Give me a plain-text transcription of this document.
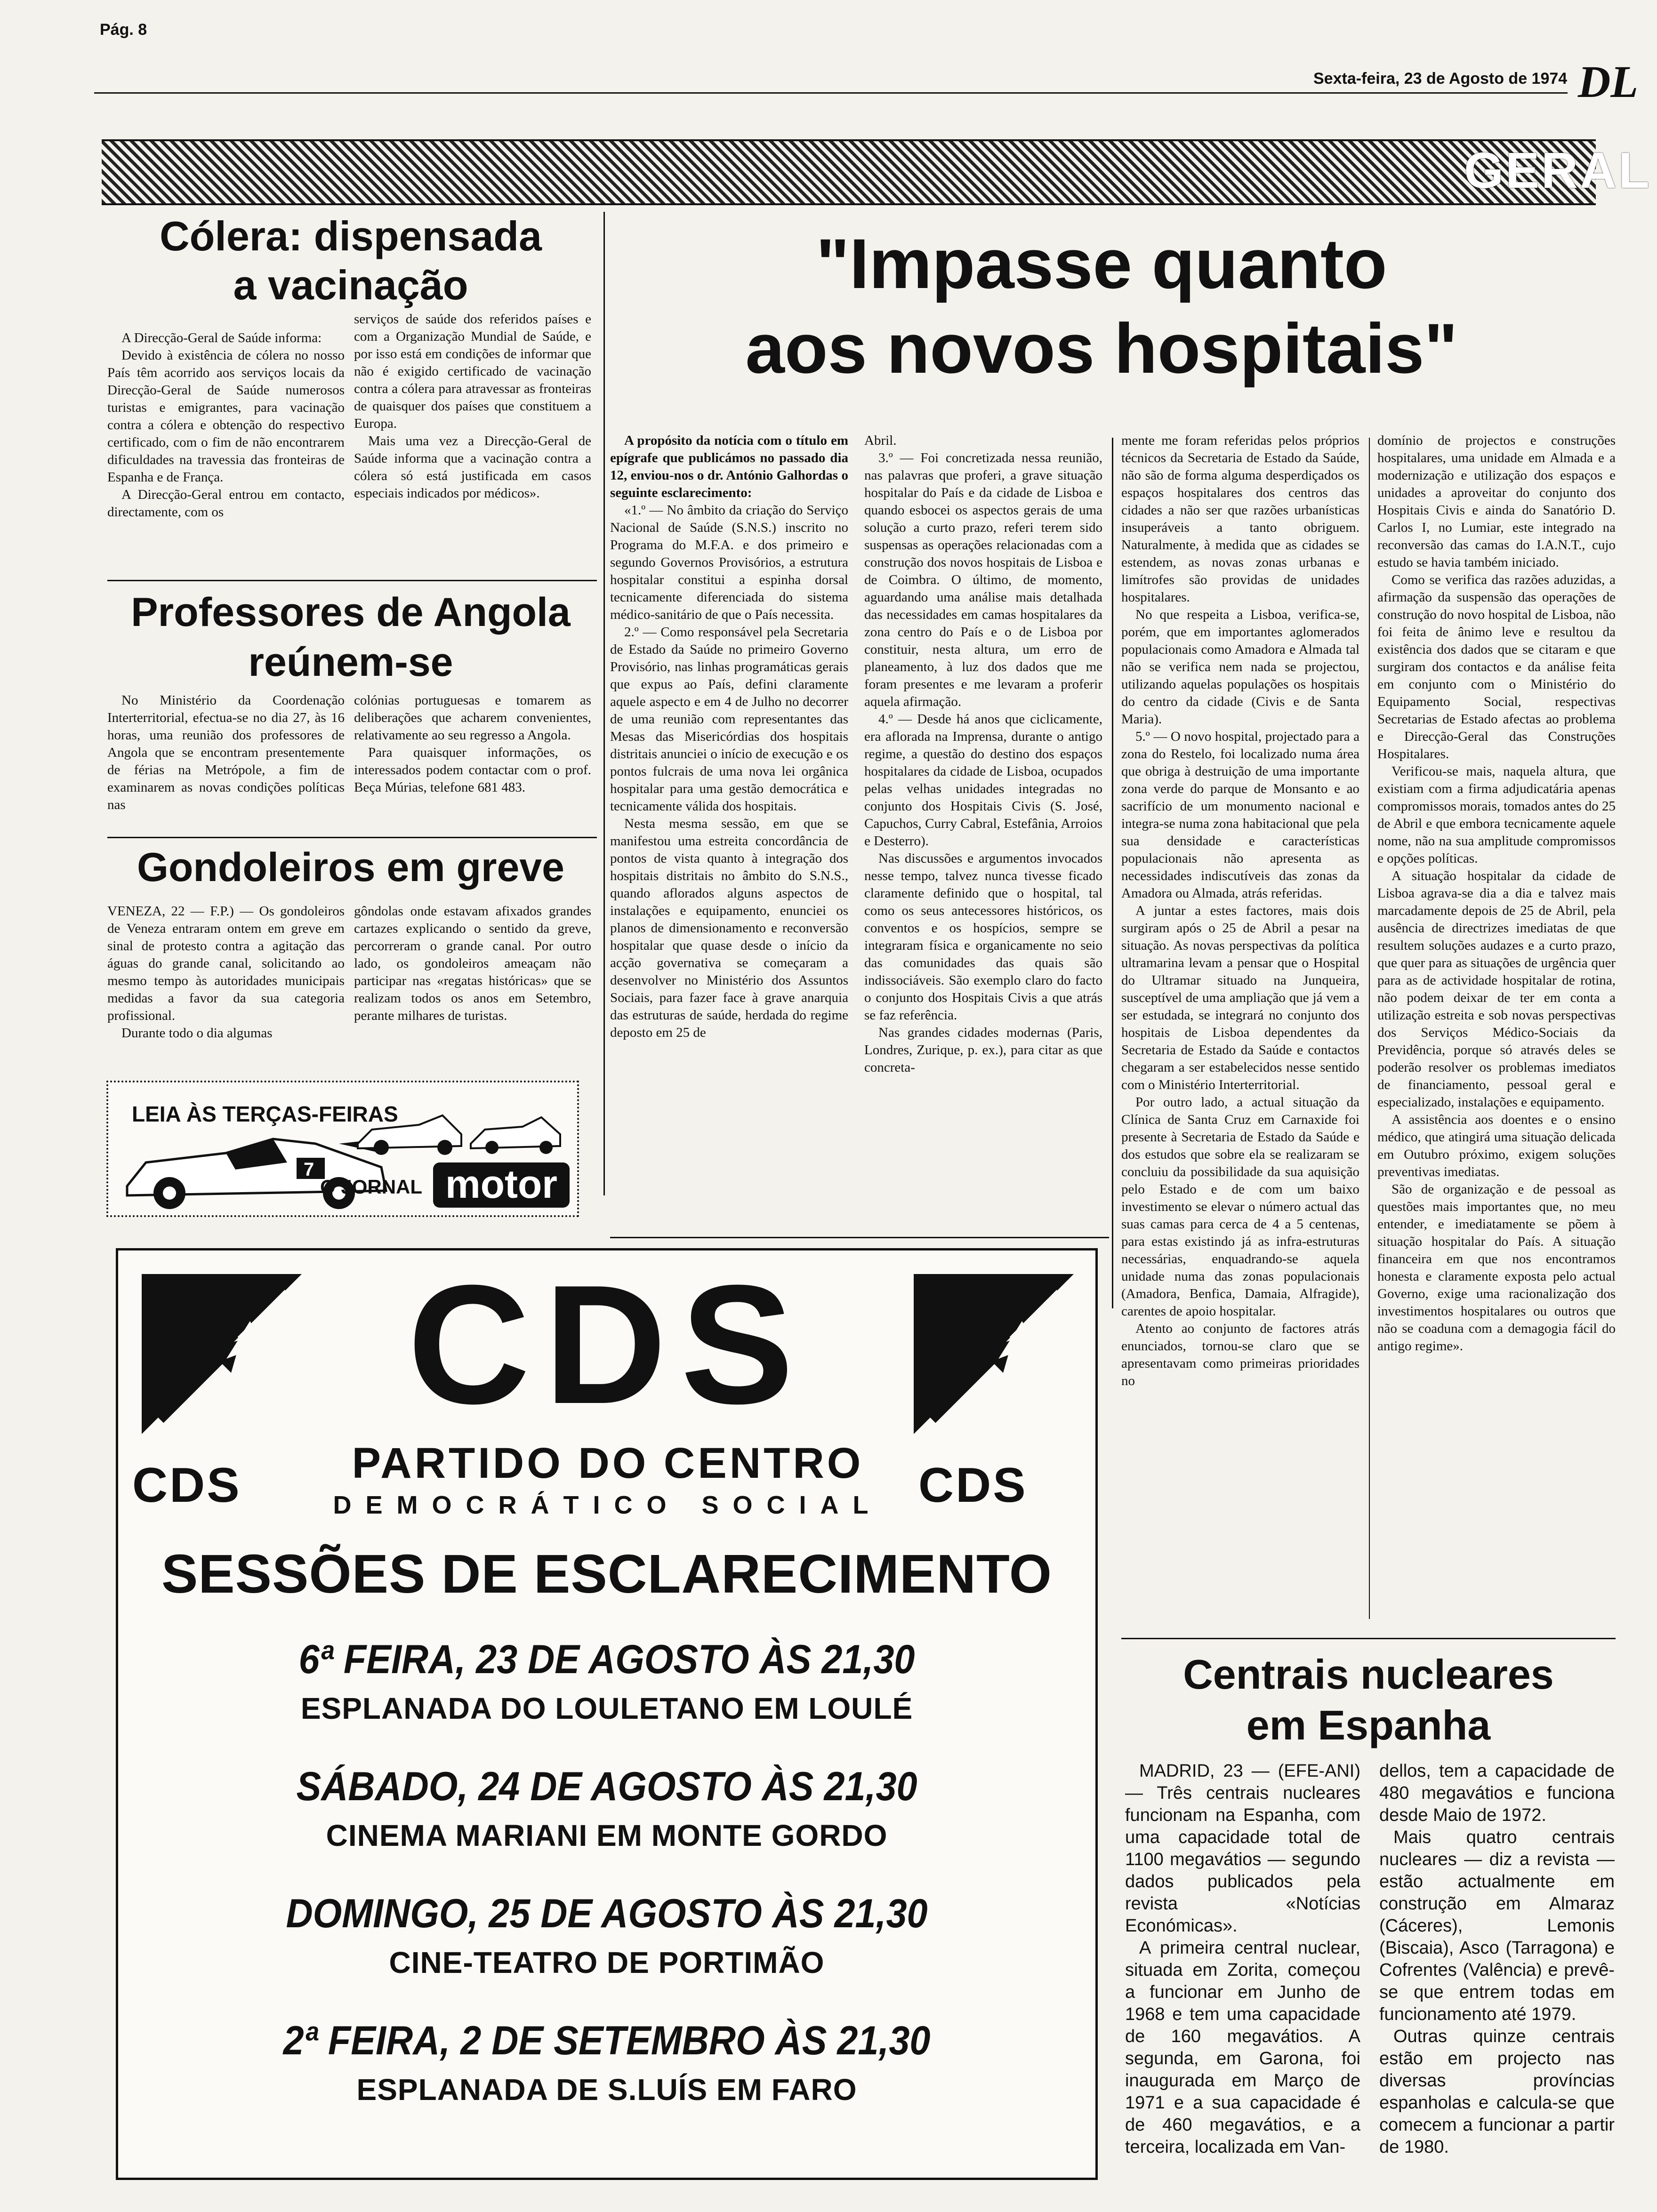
Pág. 8
Sexta-feira, 23 de Agosto de 1974 DL
GERAL
Cólera: dispensada
a vacinação

A Direcção-Geral de Saúde informa:

Devido à existência de cólera no nosso País têm acorrido aos serviços locais da Direcção-Geral de Saúde numerosos turistas e emigrantes, para vacinação contra a cólera e obtenção do respectivo certificado, com o fim de não encontrarem dificuldades na travessia das fronteiras de Espanha e de França.

A Direcção-Geral entrou em contacto, directamente, com os

serviços de saúde dos referidos países e com a Organização Mundial de Saúde, e por isso está em condições de informar que não é exigido certificado de vacinação contra a cólera para atravessar as fronteiras de quaisquer dos países que constituem a Europa.

Mais uma vez a Direcção-Geral de Saúde informa que a vacinação contra a cólera só está justificada em casos especiais indicados por médicos».

Professores de Angola
reúnem-se

No Ministério da Coordenação Interterritorial, efectua-se no dia 27, às 16 horas, uma reunião dos professores de Angola que se encontram presentemente de férias na Metrópole, a fim de examinarem as novas condições políticas nas

colónias portuguesas e tomarem as deliberações que acharem convenientes, relativamente ao seu regresso a Angola.

Para quaisquer informações, os interessados podem contactar com o prof. Beça Múrias, telefone 681 483.

Gondoleiros em greve

VENEZA, 22 — F.P.) — Os gondoleiros de Veneza entraram ontem em greve em sinal de protesto contra a agitação das águas do grande canal, solicitando ao mesmo tempo às autoridades municipais medidas a favor da sua categoria profissional.

Durante todo o dia algumas

gôndolas onde estavam afixados grandes cartazes explicando o sentido da greve, percorreram o grande canal. Por outro lado, os gondoleiros ameaçam não participar nas «regatas históricas» que se realizam todos os anos em Setembro, perante milhares de turistas.

LEIA ÀS TERÇAS-FEIRAS
7
O JORNAL motor
"Impasse quanto
aos novos hospitais"

A propósito da notícia com o título em epígrafe que publicámos no passado dia 12, enviou-nos o dr. António Galhordas o seguinte esclarecimento:

«1.º — No âmbito da criação do Serviço Nacional de Saúde (S.N.S.) inscrito no Programa do M.F.A. e dos primeiro e segundo Governos Provisórios, a estrutura hospitalar constitui a espinha dorsal tecnicamente diferenciada do sistema médico-sanitário de que o País necessita.

2.º — Como responsável pela Secretaria de Estado da Saúde no primeiro Governo Provisório, nas linhas programáticas gerais que expus ao País, defini claramente aquele aspecto e em 4 de Julho no decorrer de uma reunião com representantes das Mesas das Misericórdias dos hospitais distritais anunciei o início de execução e os pontos fulcrais de uma nova lei orgânica hospitalar para uma gestão democrática e tecnicamente válida dos hospitais.

Nesta mesma sessão, em que se manifestou uma estreita concordância de pontos de vista quanto à integração dos hospitais distritais no âmbito do S.N.S., quando aflorados alguns aspectos de instalações e equipamento, enunciei os planos de dimensionamento e reconversão hospitalar que quase desde o início da acção governativa se começaram a desenvolver no Ministério dos Assuntos Sociais, para fazer face à grave anarquia das estruturas de saúde, herdada do regime deposto em 25 de

Abril.

3.º — Foi concretizada nessa reunião, nas palavras que proferi, a grave situação hospitalar do País e da cidade de Lisboa e quando esbocei os aspectos gerais de uma solução a curto prazo, referi terem sido suspensas as operações relacionadas com a construção dos novos hospitais de Lisboa e de Coimbra. O último, de momento, aguardando uma análise mais detalhada das necessidades em camas hospitalares da zona centro do País e o de Lisboa por constituir, nesta altura, um erro de planeamento, à luz dos dados que me foram presentes e me levaram a proferir aquela afirmação.

4.º — Desde há anos que ciclicamente, era aflorada na Imprensa, durante o antigo regime, a questão do destino dos espaços hospitalares da cidade de Lisboa, ocupados pelas velhas unidades integradas no conjunto dos Hospitais Civis (S. José, Capuchos, Curry Cabral, Estefânia, Arroios e Desterro).

Nas discussões e argumentos invocados nesse tempo, talvez nunca tivesse ficado claramente definido que o hospital, tal como os seus antecessores históricos, os conventos e os hospícios, sempre se integraram física e organicamente no seio das comunidades das quais são indissociáveis. São exemplo claro do facto o conjunto dos Hospitais Civis a que atrás se faz referência.

Nas grandes cidades modernas (Paris, Londres, Zurique, p. ex.), para citar as que concreta-

mente me foram referidas pelos próprios técnicos da Secretaria de Estado da Saúde, não são de forma alguma desperdiçados os espaços hospitalares dos centros das cidades a não ser que razões urbanísticas insuperáveis a tanto obriguem. Naturalmente, à medida que as cidades se estendem, as novas zonas urbanas e limítrofes são providas de unidades hospitalares.

No que respeita a Lisboa, verifica-se, porém, que em importantes aglomerados populacionais como Amadora e Almada tal não se verifica nem nada se projectou, utilizando aquelas populações os hospitais do centro da cidade (Civis e de Santa Maria).

5.º — O novo hospital, projectado para a zona do Restelo, foi localizado numa área que obriga à destruição de uma importante zona verde do parque de Monsanto e ao sacrifício de um monumento nacional e integra-se numa zona habitacional que pela sua densidade e características populacionais não apresenta as necessidades indiscutíveis das zonas da Amadora ou Almada, atrás referidas.

A juntar a estes factores, mais dois surgiram após o 25 de Abril a pesar na situação. As novas perspectivas da política ultramarina levam a pensar que o Hospital do Ultramar situado na Junqueira, susceptível de uma ampliação que já vem a ser estudada, se integrará no conjunto dos hospitais de Lisboa dependentes da Secretaria de Estado da Saúde e contactos chegaram a ser estabelecidos nesse sentido com o Ministério Interterritorial.

Por outro lado, a actual situação da Clínica de Santa Cruz em Carnaxide foi presente à Secretaria de Estado da Saúde e dos estudos que sobre ela se realizaram se concluiu da possibilidade da sua aquisição pelo Estado e de com um baixo investimento se elevar o número actual das suas camas para cerca de 4 a 5 centenas, para estas existindo já as infra-estruturas necessárias, enquadrando-se aquela unidade numa das zonas populacionais (Amadora, Benfica, Damaia, Alfragide), carentes de apoio hospitalar.

Atento ao conjunto de factores atrás enunciados, tornou-se claro que se apresentavam como primeiras prioridades no

domínio de projectos e construções hospitalares, uma unidade em Almada e a modernização e utilização dos espaços e unidades a aproveitar do conjunto dos Hospitais Civis e ainda do Sanatório D. Carlos I, no Lumiar, este integrado na reconversão das camas do I.A.N.T., cujo estudo se havia também iniciado.

Como se verifica das razões aduzidas, a afirmação da suspensão das operações de construção do novo hospital de Lisboa, não foi feita de ânimo leve e resultou da existência dos dados que se citaram e que surgiram dos contactos e da análise feita em conjunto com o Ministério do Equipamento Social, respectivas Secretarias de Estado afectas ao problema e Direcção-Geral das Construções Hospitalares.

Verificou-se mais, naquela altura, que existiam com a firma adjudicatária apenas compromissos morais, tomados antes do 25 de Abril e que embora tecnicamente aquele nome, não na sua amplitude compromissos e opções políticas.

A situação hospitalar da cidade de Lisboa agrava-se dia a dia e talvez mais marcadamente depois de 25 de Abril, pela ausência de directrizes imediatas de que resultem soluções audazes e a curto prazo, que quer para as situações de urgência quer para as de actividade hospitalar de rotina, não podem deixar de ter em conta a utilização estreita e sob novas perspectivas dos Serviços Médico-Sociais da Previdência, porque só através deles se poderão resolver os problemas imediatos de financiamento, pessoal geral e especializado, instalações e equipamento.

A assistência aos doentes e o ensino médico, que atingirá uma situação delicada em Outubro próximo, exigem soluções preventivas imediatas.

São de organização e de pessoal as questões mais importantes que, no meu entender, e imediatamente se põem à situação hospitalar do País. A situação financeira em que nos encontramos honesta e claramente exposta pelo actual Governo, exige uma racionalização dos investimentos hospitalares ou outros que não se coaduna com a demagogia fácil do antigo regime».

CDS
CDS	CDS
PARTIDO DO CENTRO
DEMOCRÁTICO SOCIAL
SESSÕES DE ESCLARECIMENTO
6ª FEIRA, 23 DE AGOSTO ÀS 21,30
ESPLANADA DO LOULETANO EM LOULÉ
SÁBADO, 24 DE AGOSTO ÀS 21,30
CINEMA MARIANI EM MONTE GORDO
DOMINGO, 25 DE AGOSTO ÀS 21,30
CINE-TEATRO DE PORTIMÃO
2ª FEIRA, 2 DE SETEMBRO ÀS 21,30
ESPLANADA DE S.LUÍS EM FARO
Centrais nucleares
em Espanha

MADRID, 23 — (EFE-ANI) — Três centrais nucleares funcionam na Espanha, com uma capacidade total de 1100 megavátios — segundo dados publicados pela revista «Notícias Económicas».

A primeira central nuclear, situada em Zorita, começou a funcionar em Junho de 1968 e tem uma capacidade de 160 megavátios. A segunda, em Garona, foi inaugurada em Março de 1971 e a sua capacidade é de 460 megavátios, e a terceira, localizada em Van-

dellos, tem a capacidade de 480 megavátios e funciona desde Maio de 1972.

Mais quatro centrais nucleares — diz a revista — estão actualmente em construção em Almaraz (Cáceres), Lemonis (Biscaia), Asco (Tarragona) e Cofrentes (Valência) e prevê-se que entrem todas em funcionamento até 1979.

Outras quinze centrais estão em projecto nas diversas províncias espanholas e calcula-se que comecem a funcionar a partir de 1980.
